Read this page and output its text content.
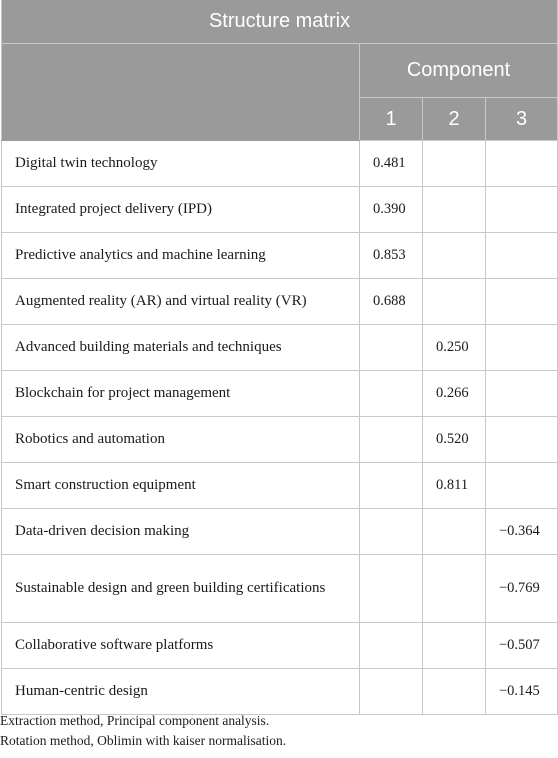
Structure matrix			
	Component		
	1	2	3

Digital twin technology	0.481		

Integrated project delivery (IPD)	0.390		

Predictive analytics and machine learning	0.853		

Augmented reality (AR) and virtual reality (VR)	0.688		

Advanced building materials and techniques		0.250	

Blockchain for project management		0.266	

Robotics and automation		0.520	

Smart construction equipment		0.811	

Data-driven decision making			−0.364

Sustainable design and green building certifications			−0.769

Collaborative software platforms			−0.507

Human-centric design			−0.145
Extraction method, Principal component analysis.
Rotation method, Oblimin with kaiser normalisation.
